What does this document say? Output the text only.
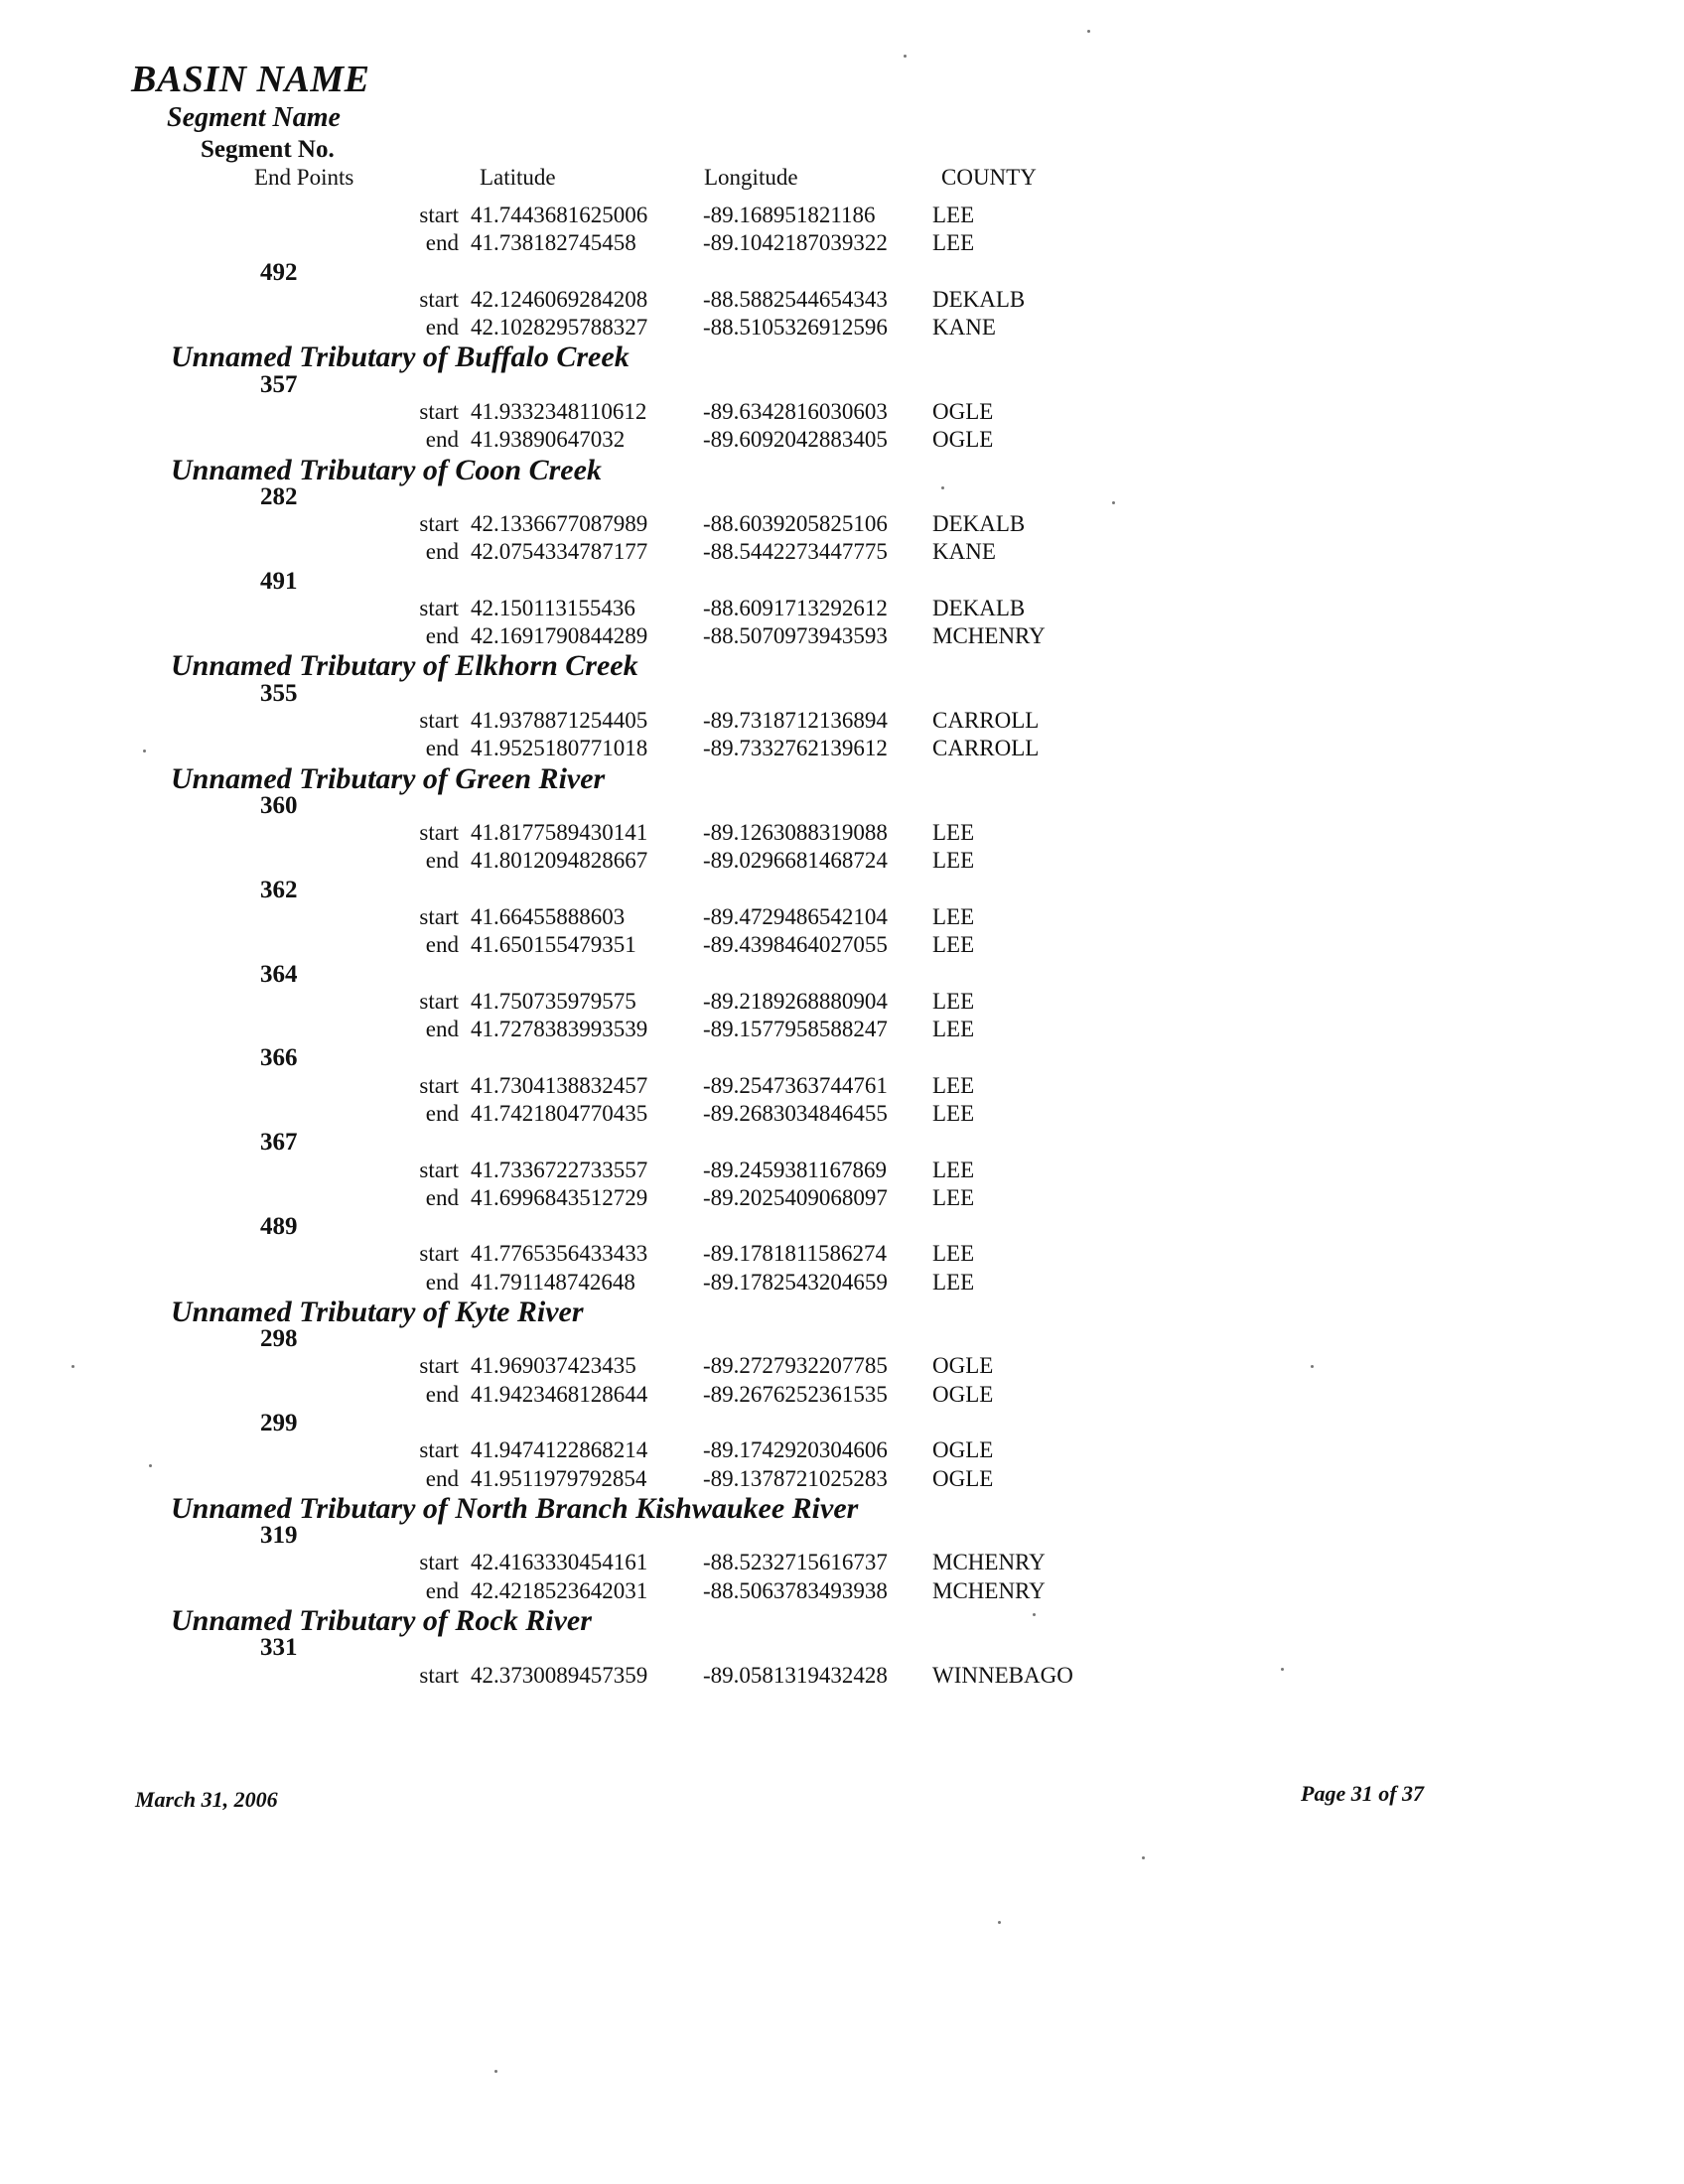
BASIN NAME
Segment Name
Segment No.
End Points	Latitude	Longitude	COUNTY
start 41.7443681625006 -89.168951821186 LEE
end 41.738182745458	-89.1042187039322 LEE
492
start 42.1246069284208 -88.5882544654343 DEKALB
end 42.1028295788327 -88.5105326912596 KANE
Unnamed Tributary of Buffalo Creek
357
start 41.9332348110612 -89.6342816030603 OGLE
end 41.93890647032	-89.6092042883405 OGLE
Unnamed Tributary of Coon Creek
282
start 42.1336677087989 -88.6039205825106 DEKALB
end 42.0754334787177 -88.5442273447775 KANE
491
start 42.150113155436	-88.6091713292612 DEKALB
end 42.1691790844289 -88.5070973943593 MCHENRY
Unnamed Tributary of Elkhorn Creek
355
start 41.9378871254405 -89.7318712136894 CARROLL
end 41.9525180771018 -89.7332762139612 CARROLL
Unnamed Tributary of Green River
360
start 41.8177589430141 -89.1263088319088 LEE
end 41.8012094828667 -89.0296681468724 LEE
362
start 41.66455888603	-89.4729486542104 LEE
end 41.650155479351	-89.4398464027055 LEE
364
start 41.750735979575	-89.2189268880904 LEE
end 41.7278383993539 -89.1577958588247 LEE
366
start 41.7304138832457 -89.2547363744761 LEE
end 41.7421804770435 -89.2683034846455 LEE
367
start 41.7336722733557 -89.2459381167869 LEE
end 41.6996843512729 -89.2025409068097 LEE
489
start 41.7765356433433 -89.1781811586274 LEE
end 41.791148742648	-89.1782543204659 LEE
Unnamed Tributary of Kyte River
298
start 41.969037423435	-89.2727932207785 OGLE
end 41.9423468128644 -89.2676252361535 OGLE
299
start 41.9474122868214 -89.1742920304606 OGLE
end 41.9511979792854 -89.1378721025283 OGLE
Unnamed Tributary of North Branch Kishwaukee River
319
start 42.4163330454161 -88.5232715616737 MCHENRY
end 42.4218523642031 -88.5063783493938 MCHENRY
Unnamed Tributary of Rock River
331
start 42.3730089457359 -89.0581319432428 WINNEBAGO
March 31, 2006	Page 31 of 37
